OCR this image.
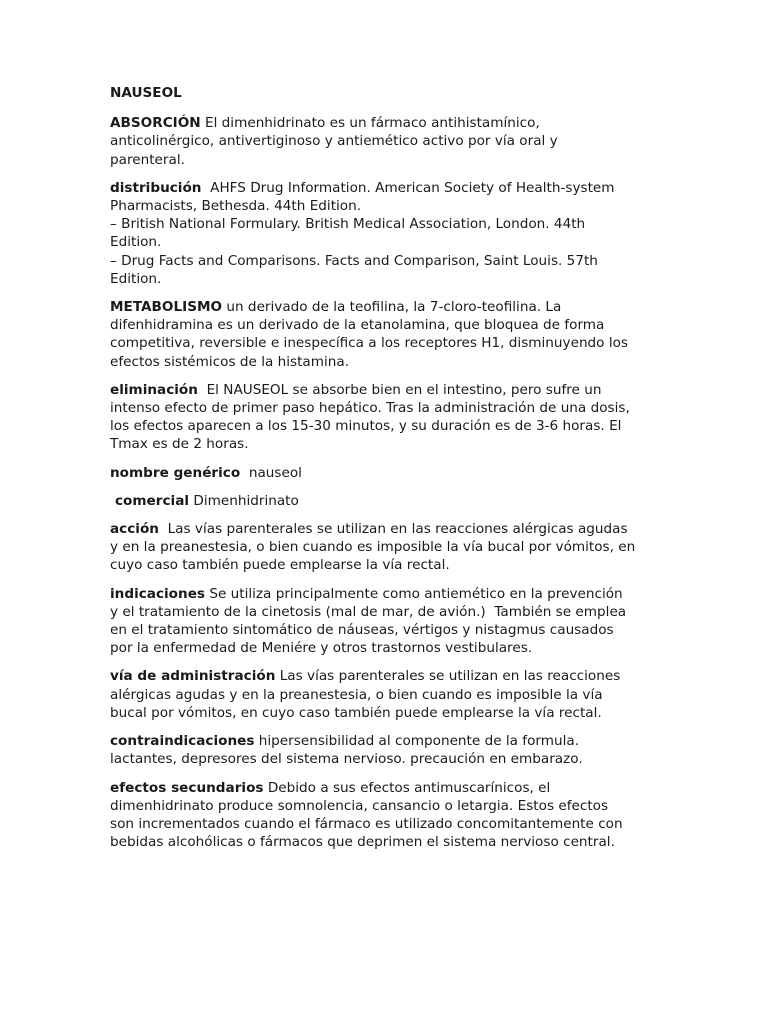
NAUSEOL
ABSORCIÓN El dimenhidrinato es un fármaco antihistamínico,
anticolinérgico, antivertiginoso y antiemético activo por vía oral y
parenteral.
distribución  AHFS Drug Information. American Society of Health-system
Pharmacists, Bethesda. 44th Edition.
– British National Formulary. British Medical Association, London. 44th
Edition.
– Drug Facts and Comparisons. Facts and Comparison, Saint Louis. 57th
Edition.
METABOLISMO un derivado de la teofilina, la 7-cloro-teofilina. La
difenhidramina es un derivado de la etanolamina, que bloquea de forma
competitiva, reversible e inespecífica a los receptores H1, disminuyendo los
efectos sistémicos de la histamina.
eliminación  El NAUSEOL se absorbe bien en el intestino, pero sufre un
intenso efecto de primer paso hepático. Tras la administración de una dosis,
los efectos aparecen a los 15-30 minutos, y su duración es de 3-6 horas. El
Tmax es de 2 horas.
nombre genérico  nauseol
comercial Dimenhidrinato
acción  Las vías parenterales se utilizan en las reacciones alérgicas agudas
y en la preanestesia, o bien cuando es imposible la vía bucal por vómitos, en
cuyo caso también puede emplearse la vía rectal.
indicaciones Se utiliza principalmente como antiemético en la prevención
y el tratamiento de la cinetosis (mal de mar, de avión.)  También se emplea
en el tratamiento sintomático de náuseas, vértigos y nistagmus causados
por la enfermedad de Meniére y otros trastornos vestibulares.
vía de administración Las vías parenterales se utilizan en las reacciones
alérgicas agudas y en la preanestesia, o bien cuando es imposible la vía
bucal por vómitos, en cuyo caso también puede emplearse la vía rectal.
contraindicaciones hipersensibilidad al componente de la formula.
lactantes, depresores del sistema nervioso. precaución en embarazo.
efectos secundarios Debido a sus efectos antimuscarínicos, el
dimenhidrinato produce somnolencia, cansancio o letargia. Estos efectos
son incrementados cuando el fármaco es utilizado concomitantemente con
bebidas alcohólicas o fármacos que deprimen el sistema nervioso central.
